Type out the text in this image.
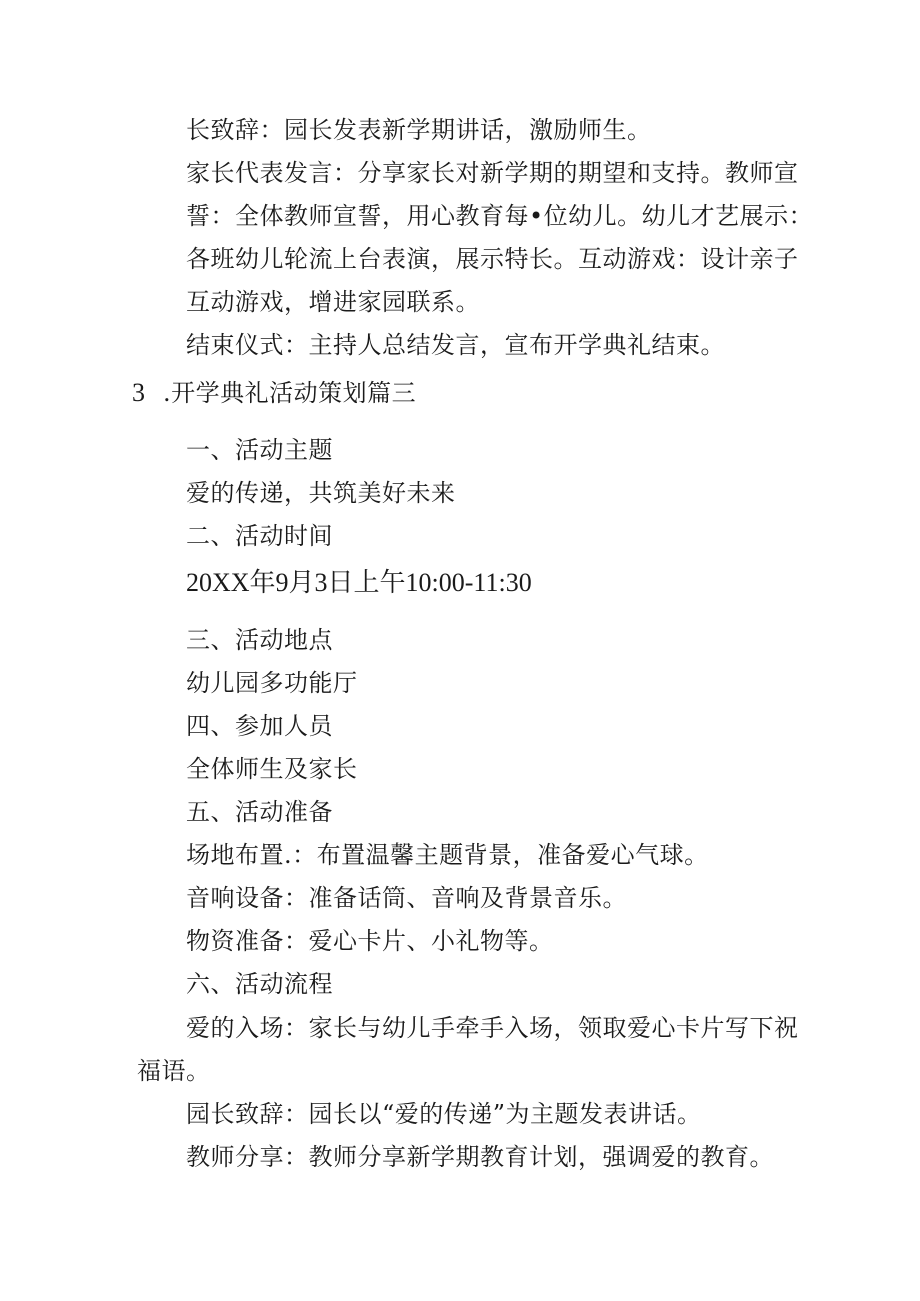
长致辞：园长发表新学期讲话，激励师生。
家长代表发言：分享家长对新学期的期望和支持。教师宣
誓：全体教师宣誓，用心教育每•位幼儿。幼儿才艺展示：
各班幼儿轮流上台表演，展示特长。互动游戏：设计亲子
互动游戏，增进家园联系。
结束仪式：主持人总结发言，宣布开学典礼结束。
3 .开学典礼活动策划篇三
一、活动主题
爱的传递，共筑美好未来
二、活动时间
20XX年9月3日上午10:00-11:30
三、活动地点
幼儿园多功能厅
四、参加人员
全体师生及家长
五、活动准备
场地布置.：布置温馨主题背景，准备爱心气球。
音响设备：准备话筒、音响及背景音乐。
物资准备：爱心卡片、小礼物等。
六、活动流程
爱的入场：家长与幼儿手牵手入场，领取爱心卡片写下祝
福语。
园长致辞：园长以“爱的传递”为主题发表讲话。
教师分享：教师分享新学期教育计划，强调爱的教育。
